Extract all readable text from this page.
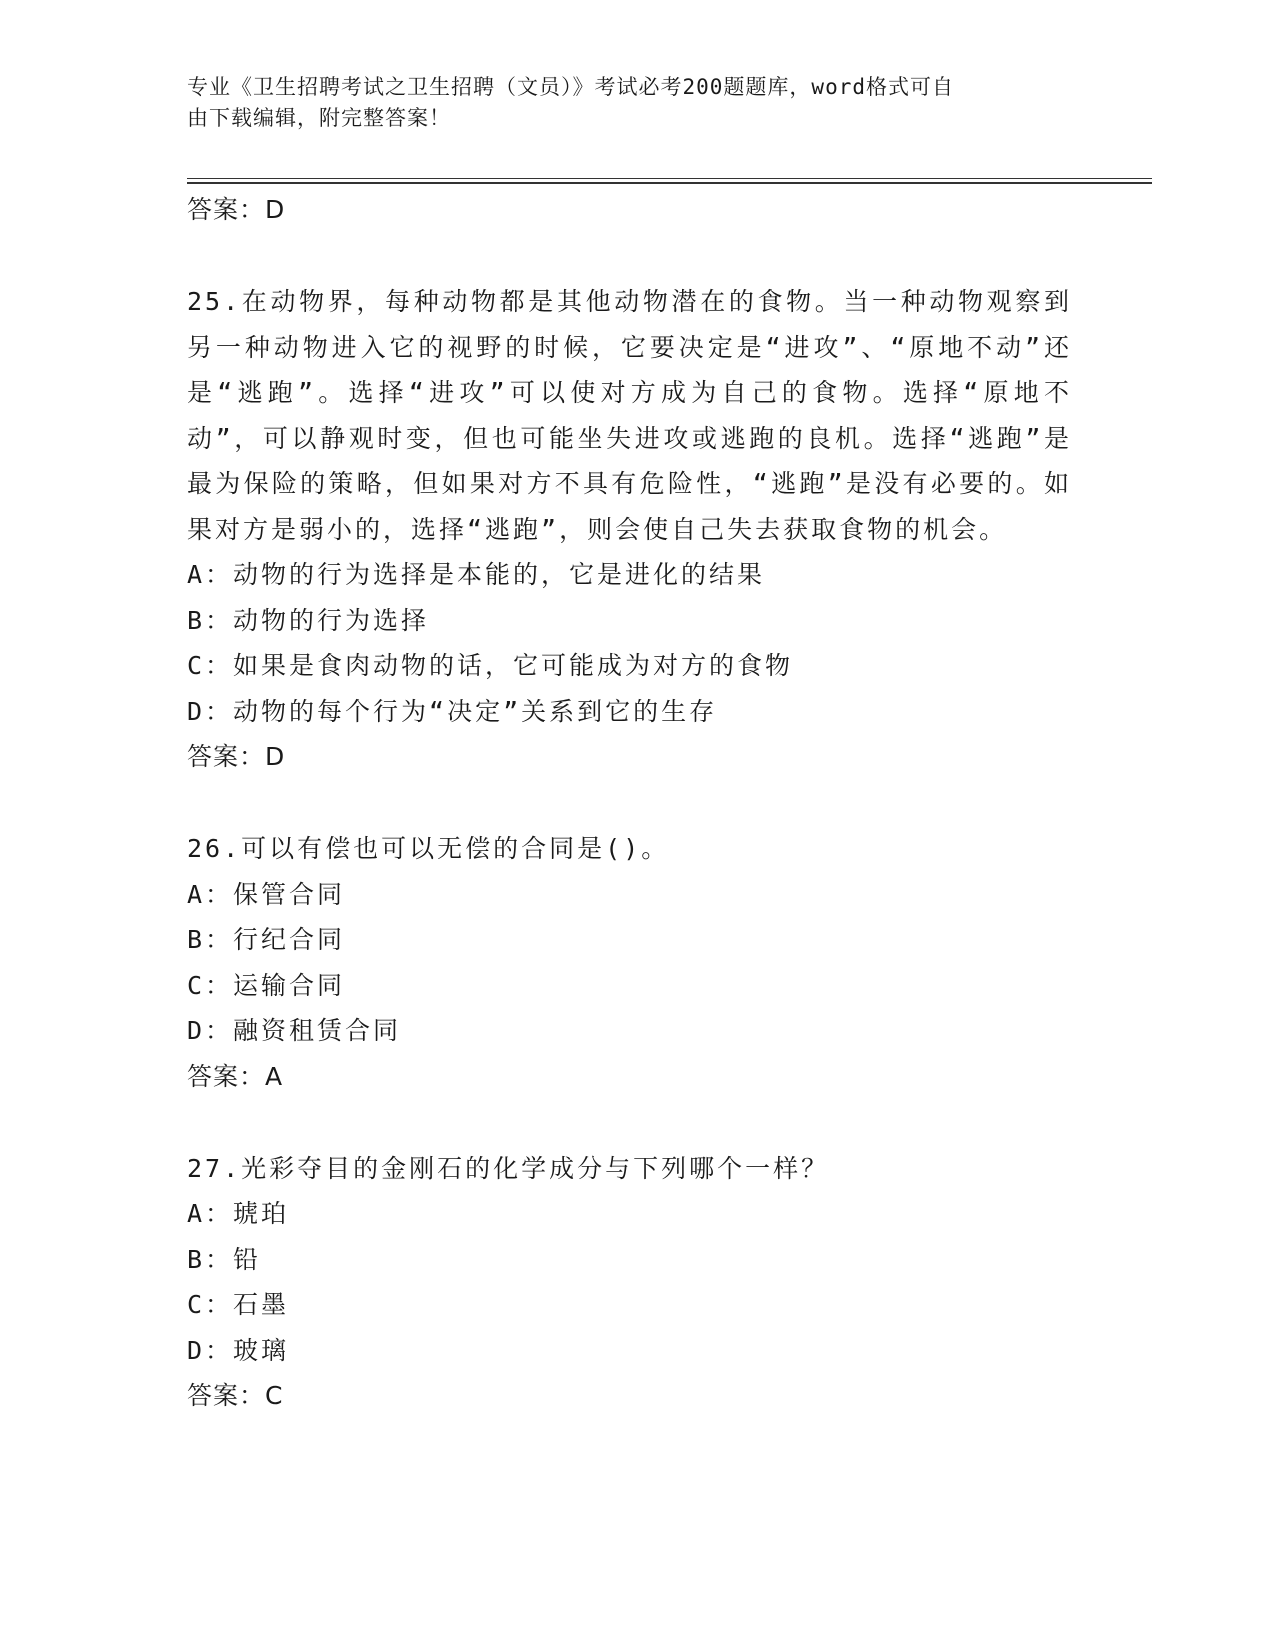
专业《卫生招聘考试之卫生招聘（文员）》考试必考200题题库，word格式可自
由下载编辑，附完整答案！
答案：D
25.在动物界，每种动物都是其他动物潜在的食物。当一种动物观察到另一种动物进入它的视野的时候，它要决定是“进攻”、“原地不动”还是“逃跑”。选择“进攻”可以使对方成为自己的食物。选择“原地不动”，可以静观时变，但也可能坐失进攻或逃跑的良机。选择“逃跑”是最为保险的策略，但如果对方不具有危险性，“逃跑”是没有必要的。如果对方是弱小的，选择“逃跑”，则会使自己失去获取食物的机会。
A：动物的行为选择是本能的，它是进化的结果
B：动物的行为选择
C：如果是食肉动物的话，它可能成为对方的食物
D：动物的每个行为“决定”关系到它的生存
答案：D
26.可以有偿也可以无偿的合同是()。
A：保管合同
B：行纪合同
C：运输合同
D：融资租赁合同
答案：A
27.光彩夺目的金刚石的化学成分与下列哪个一样？
A：琥珀
B：铅
C：石墨
D：玻璃
答案：C
